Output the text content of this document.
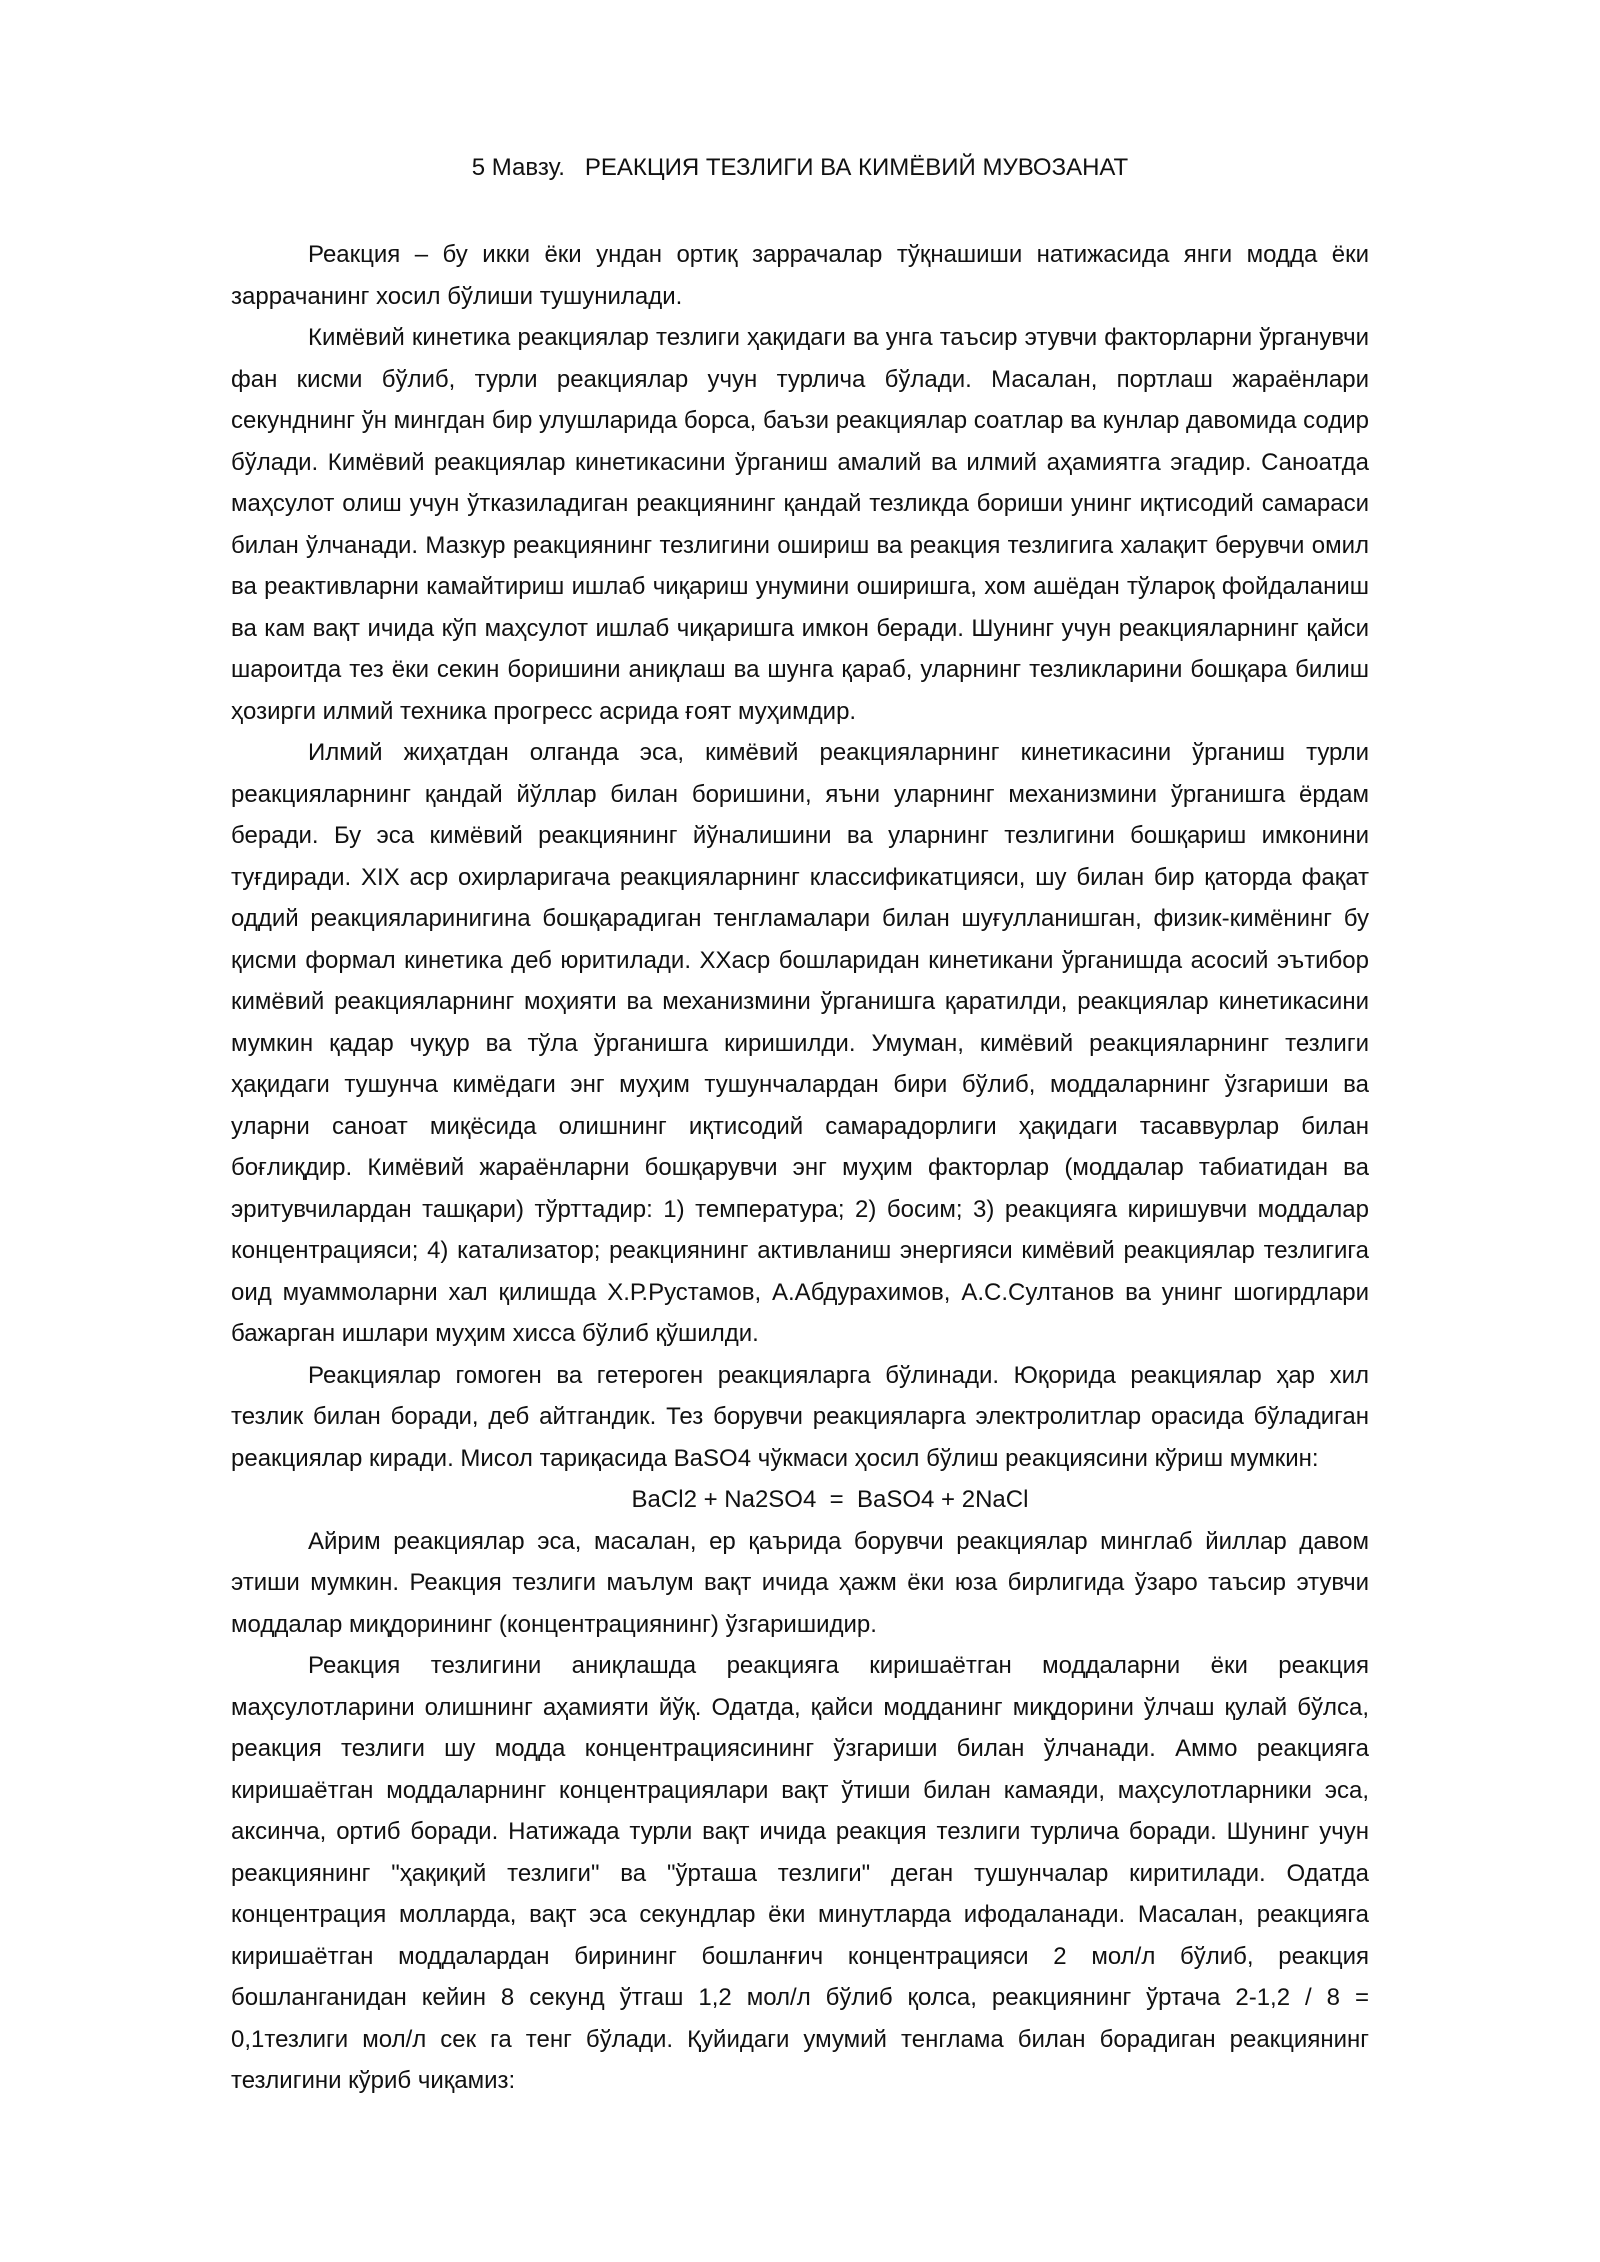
5 Мавзу.   РЕАКЦИЯ ТЕЗЛИГИ ВА КИМЁВИЙ МУВОЗАНАТ

Реакция – бу икки ёки ундан ортиқ заррачалар тўқнашиши натижасида янги модда ёки заррачанинг хосил бўлиши тушунилади.

Кимёвий кинетика реакциялар тезлиги ҳақидаги ва унга таъсир этувчи факторларни ўрганувчи фан кисми бўлиб, турли реакциялар учун турлича бўлади. Масалан, портлаш жараёнлари секунднинг ўн мингдан бир улушларида борса, баъзи реакциялар соатлар ва кунлар давомида содир бўлади. Кимёвий реакциялар кинетикасини ўрганиш амалий ва илмий аҳамиятга эгадир. Саноатда маҳсулот олиш учун ўтказиладиган реакциянинг қандай тезликда бориши унинг иқтисодий самараси билан ўлчанади. Мазкур реакциянинг тезлигини ошириш ва реакция тезлигига халақит берувчи омил ва реактивларни камайтириш ишлаб чиқариш унумини оширишга, хом ашёдан тўлароқ фойдаланиш ва кам вақт ичида кўп маҳсулот ишлаб чиқаришга имкон беради. Шунинг учун реакцияларнинг қайси шароитда тез ёки секин боришини аниқлаш ва шунга қараб, уларнинг тезликларини бошқара билиш ҳозирги илмий техника прогресс асрида ғоят муҳимдир.

Илмий жиҳатдан олганда эса, кимёвий реакцияларнинг кинетикасини ўрганиш турли реакцияларнинг қандай йўллар билан боришини, яъни уларнинг механизмини ўрганишга ёрдам беради. Бу эса кимёвий реакциянинг йўналишини ва уларнинг тезлигини бошқариш имконини туғдиради. XIX аср охирларигача реакцияларнинг классификатцияси, шу билан бир қаторда фақат оддий реакцияларинигина бошқарадиган тенгламалари билан шуғулланишган, физик-кимёнинг бу қисми формал кинетика деб юритилади. XXаср бошларидан кинетикани ўрганишда асосий эътибор кимёвий реакцияларнинг моҳияти ва механизмини ўрганишга қаратилди, реакциялар кинетикасини мумкин қадар чуқур ва тўла ўрганишга киришилди. Умуман, кимёвий реакцияларнинг тезлиги ҳақидаги тушунча кимёдаги энг муҳим тушунчалардан бири бўлиб, моддаларнинг ўзгариши ва уларни саноат миқёсида олишнинг иқтисодий самарадорлиги ҳақидаги тасаввурлар билан боғлиқдир. Кимёвий жараёнларни бошқарувчи энг муҳим факторлар (моддалар табиатидан ва эритувчилардан ташқари) тўрттадир: 1) температура; 2) босим; 3) реакцияга киришувчи моддалар концентрацияси; 4) катализатор; реакциянинг активланиш энергияси кимёвий реакциялар тезлигига оид муаммоларни хал қилишда Х.Р.Рустамов, А.Абдурахимов, А.С.Султанов ва унинг шогирдлари бажарган ишлари муҳим хисса бўлиб қўшилди.

Реакциялар гомоген ва гетероген реакцияларга бўлинади. Юқорида реакциялар ҳар хил тезлик билан боради, деб айтгандик. Тез борувчи реакцияларга электролитлар орасида бўладиган реакциялар киради. Мисол тариқасида BaSO4 чўкмаси ҳосил бўлиш реакциясини кўриш мумкин:

BaCl2 + Na2SO4  =  BaSO4 + 2NaCl

Айрим реакциялар эса, масалан, ер қаърида борувчи реакциялар минглаб йиллар давом этиши мумкин. Реакция тезлиги маълум вақт ичида ҳажм ёки юза бирлигида ўзаро таъсир этувчи моддалар миқдорининг (концентрациянинг) ўзгаришидир.

Реакция тезлигини аниқлашда реакцияга киришаётган моддаларни ёки реакция маҳсулотларини олишнинг аҳамияти йўқ. Одатда, қайси модданинг миқдорини ўлчаш қулай бўлса, реакция тезлиги шу модда концентрациясининг ўзгариши билан ўлчанади. Аммо реакцияга киришаётган моддаларнинг концентрациялари вақт ўтиши билан камаяди, маҳсулотларники эса, аксинча, ортиб боради. Натижада турли вақт ичида реакция тезлиги турлича боради. Шунинг учун реакциянинг "ҳақиқий тезлиги" ва "ўрташа тезлиги" деган тушунчалар киритилади. Одатда концентрация молларда, вақт эса секундлар ёки минутларда ифодаланади. Масалан, реакцияга киришаётган моддалардан бирининг бошланғич концентрацияси 2 мол/л бўлиб, реакция бошланганидан кейин 8 секунд ўтгаш 1,2 мол/л бўлиб қолса, реакциянинг ўртача 2-1,2 / 8 = 0,1тезлиги мол/л сек га тенг бўлади. Қуйидаги умумий тенглама билан борадиган реакциянинг тезлигини кўриб чиқамиз:
